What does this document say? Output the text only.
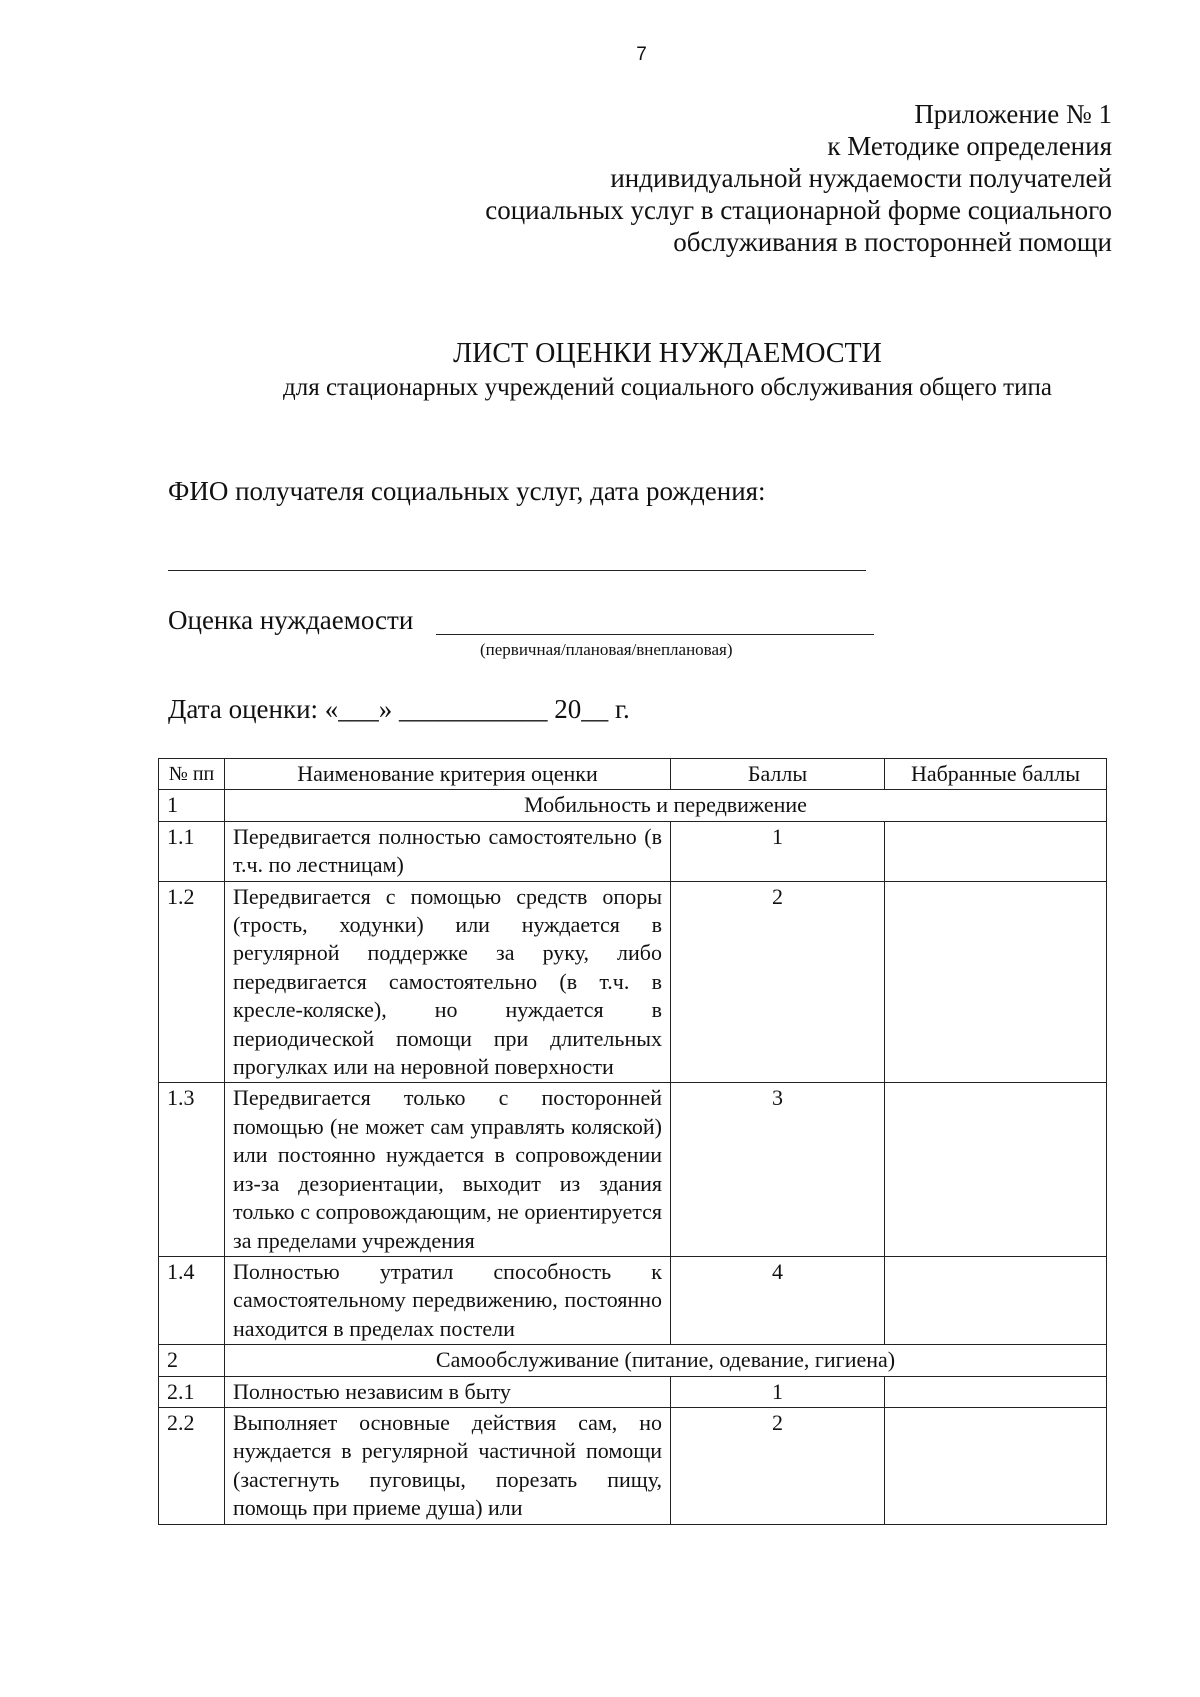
7
Приложение № 1
к Методике определения
индивидуальной нуждаемости получателей
социальных услуг в стационарной форме социального
обслуживания в посторонней помощи
ЛИСТ ОЦЕНКИ НУЖДАЕМОСТИ
для стационарных учреждений социального обслуживания общего типа
ФИО получателя социальных услуг, дата рождения:
Оценка нуждаемости
(первичная/плановая/внеплановая)
Дата оценки: «___» ___________ 20__ г.
№ пп	Наименование критерия оценки	Баллы	Набранные баллы
1	Мобильность и передвижение		
1.1	Передвигается полностью самостоятельно (в т.ч. по лестницам)	1	
1.2	Передвигается с помощью средств опоры (трость, ходунки) или нуждается в регулярной поддержке за руку, либо передвигается самостоятельно (в т.ч. в кресле-коляске), но нуждается в периодической помощи при длительных прогулках или на неровной поверхности	2	
1.3	Передвигается только с посторонней помощью (не может сам управлять коляской) или постоянно нуждается в сопровождении из-за дезориентации, выходит из здания только с сопровождающим, не ориентируется за пределами учреждения	3	
1.4	Полностью утратил способность к самостоятельному передвижению, постоянно находится в пределах постели	4	
2	Самообслуживание (питание, одевание, гигиена)		
2.1	Полностью независим в быту	1	
2.2	Выполняет основные действия сам, но нуждается в регулярной частичной помощи (застегнуть пуговицы, порезать пищу, помощь при приеме душа) или	2	
